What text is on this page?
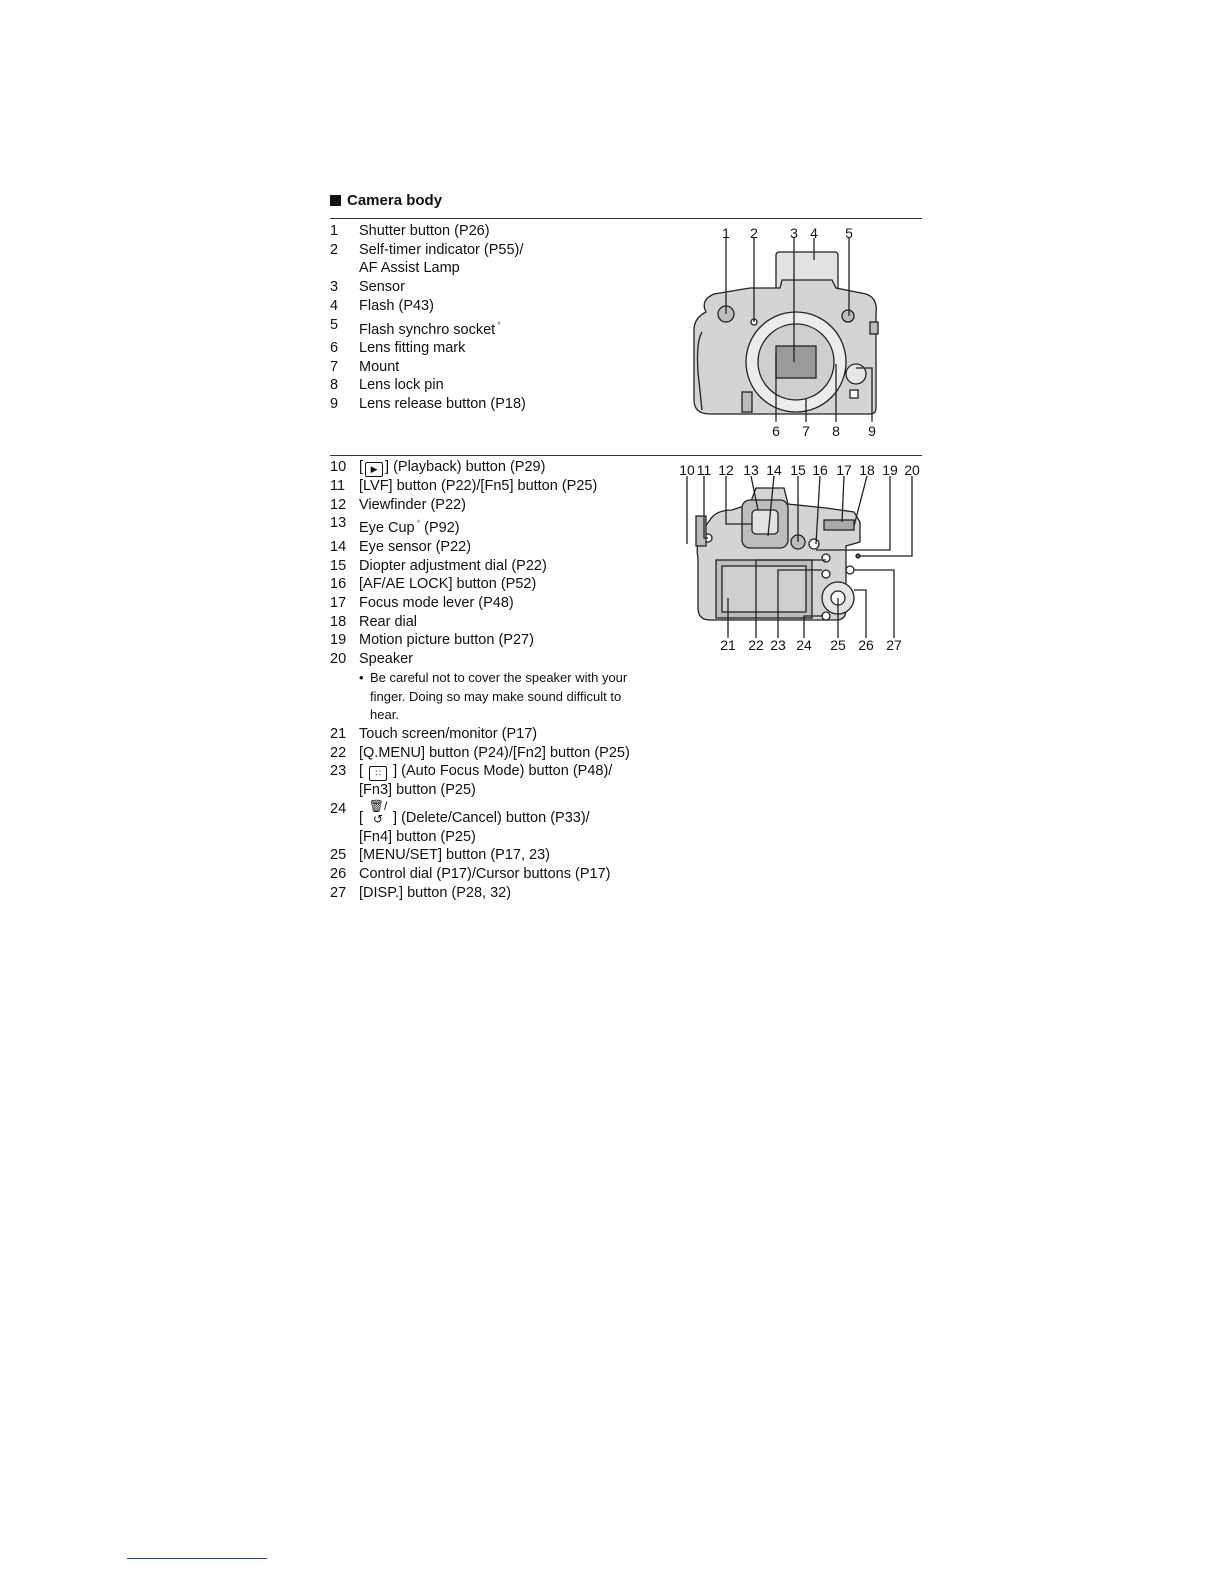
Camera body
1	Shutter button (P26)
2	Self-timer indicator (P55)/
AF Assist Lamp
3	Sensor
4	Flash (P43)
5	Flash synchro socket *
6	Lens fitting mark
7	Mount
8	Lens lock pin
9	Lens release button (P18)
10 [ ▶ ] (Playback) button (P29)
11 [LVF] button (P22)/[Fn5] button (P25)
12 Viewfinder (P22)
13 Eye Cup * (P92)
14 Eye sensor (P22)
15 Diopter adjustment dial (P22)
16 [AF/AE LOCK] button (P52)
17 Focus mode lever (P48)
18 Rear dial
19 Motion picture button (P27)
20 Speaker
• Be careful not to cover the speaker with your finger. Doing so may make sound difficult to hear.
21 Touch screen/monitor (P17)
22 [Q.MENU] button (P24)/[Fn2] button (P25)
23 [ ∷ ] (Auto Focus Mode) button (P48)/
[Fn3] button (P25)
24
[🗑/↺ ] (Delete/Cancel) button (P33)/
[Fn4] button (P25)
25 [MENU/SET] button (P17, 23)
26 Control dial (P17)/Cursor buttons (P17)
27 [DISP.] button (P28, 32)
1 2 3 4 5
6 7 8 9
10 11 12 13 14 15 16 17 18 19 20
21 22 23 24 25 26 27
